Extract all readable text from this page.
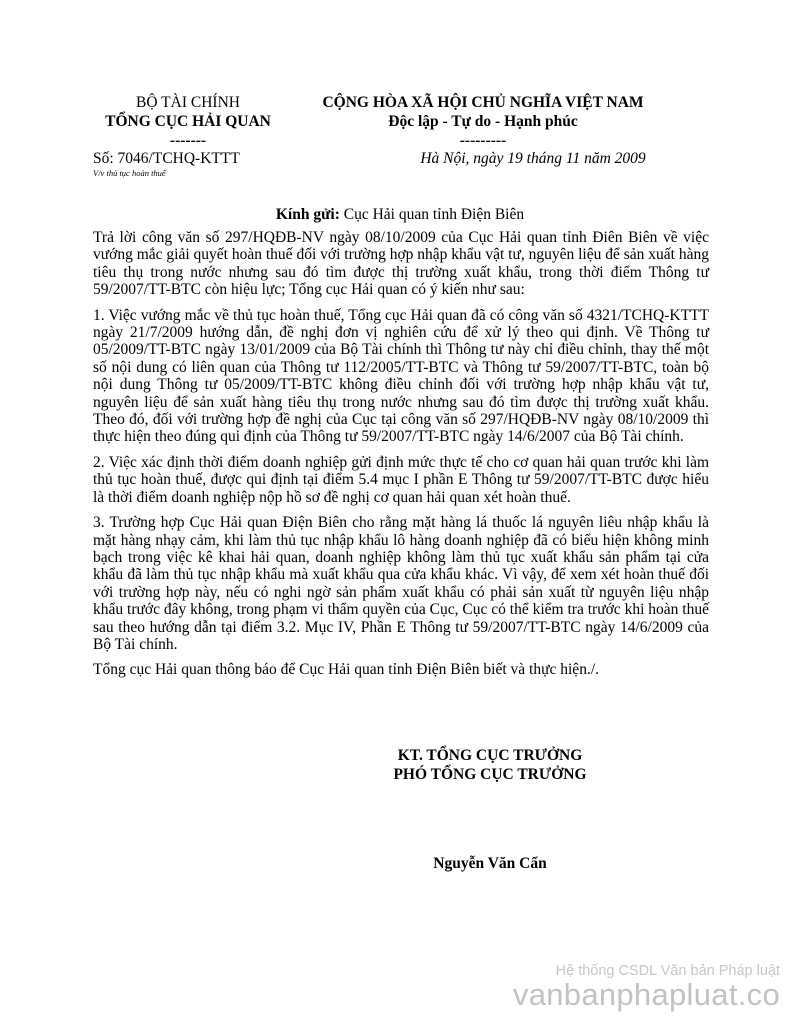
BỘ TÀI CHÍNH
TỔNG CỤC HẢI QUAN
-------
CỘNG HÒA XÃ HỘI CHỦ NGHĨA VIỆT NAM
Độc lập - Tự do - Hạnh phúc
---------
Số: 7046/TCHQ-KTTT
V/v thủ tục hoàn thuế
Hà Nội, ngày 19 tháng 11 năm 2009
Kính gửi: Cục Hải quan tỉnh Điện Biên

Trả lời công văn số 297/HQĐB-NV ngày 08/10/2009 của Cục Hải quan tỉnh Điên Biên về việc vướng mắc giải quyết hoàn thuế đối với trường hợp nhập khẩu vật tư, nguyên liệu để sản xuất hàng tiêu thụ trong nước nhưng sau đó tìm được thị trường xuất khẩu, trong thời điểm Thông tư 59/2007/TT-BTC còn hiệu lực; Tổng cục Hải quan có ý kiến như sau:

1. Việc vướng mắc về thủ tục hoàn thuế, Tổng cục Hải quan đã có công văn số 4321/TCHQ-KTTT ngày 21/7/2009 hướng dẫn, đề nghị đơn vị nghiên cứu để xử lý theo qui định. Về Thông tư 05/2009/TT-BTC ngày 13/01/2009 của Bộ Tài chính thì Thông tư này chỉ điều chỉnh, thay thế một số nội dung có liên quan của Thông tư 112/2005/TT-BTC và Thông tư 59/2007/TT-BTC, toàn bộ nội dung Thông tư 05/2009/TT-BTC không điều chỉnh đối với trường hợp nhập khẩu vật tư, nguyên liệu để sản xuất hàng tiêu thụ trong nước nhưng sau đó tìm được thị trường xuất khẩu. Theo đó, đối với trường hợp đề nghị của Cục tại công văn số 297/HQĐB-NV ngày 08/10/2009 thì thực hiện theo đúng qui định của Thông tư 59/2007/TT-BTC ngày 14/6/2007 của Bộ Tài chính.

2. Việc xác định thời điểm doanh nghiệp gửi định mức thực tế cho cơ quan hải quan trước khi làm thủ tục hoàn thuế, được qui định tại điểm 5.4 mục I phần E Thông tư 59/2007/TT-BTC được hiểu là thời điểm doanh nghiệp nộp hồ sơ đề nghị cơ quan hải quan xét hoàn thuế.

3. Trường hợp Cục Hải quan Điện Biên cho rằng mặt hàng lá thuốc lá nguyên liêu nhập khẩu là mặt hàng nhạy cảm, khi làm thủ tục nhập khẩu lô hàng doanh nghiệp đã có biểu hiện không minh bạch trong việc kê khai hải quan, doanh nghiệp không làm thủ tục xuất khẩu sản phẩm tại cửa khẩu đã làm thủ tục nhập khẩu mà xuất khẩu qua cửa khẩu khác. Vì vậy, để xem xét hoàn thuế đối với trường hợp này, nếu có nghi ngờ sản phẩm xuất khẩu có phải sản xuất từ nguyên liệu nhập khẩu trước đây không, trong phạm vi thẩm quyền của Cục, Cục có thể kiểm tra trước khi hoàn thuế sau theo hướng dẫn tại điểm 3.2. Mục IV, Phần E Thông tư 59/2007/TT-BTC ngày 14/6/2009 của Bộ Tài chính.

Tổng cục Hải quan thông báo để Cục Hải quan tỉnh Điện Biên biết và thực hiện./.

KT. TỔNG CỤC TRƯỞNG
PHÓ TỔNG CỤC TRƯỞNG
Nguyễn Văn Cẩn
Hệ thống CSDL Văn bản Pháp luật
vanbanphapluat.co
